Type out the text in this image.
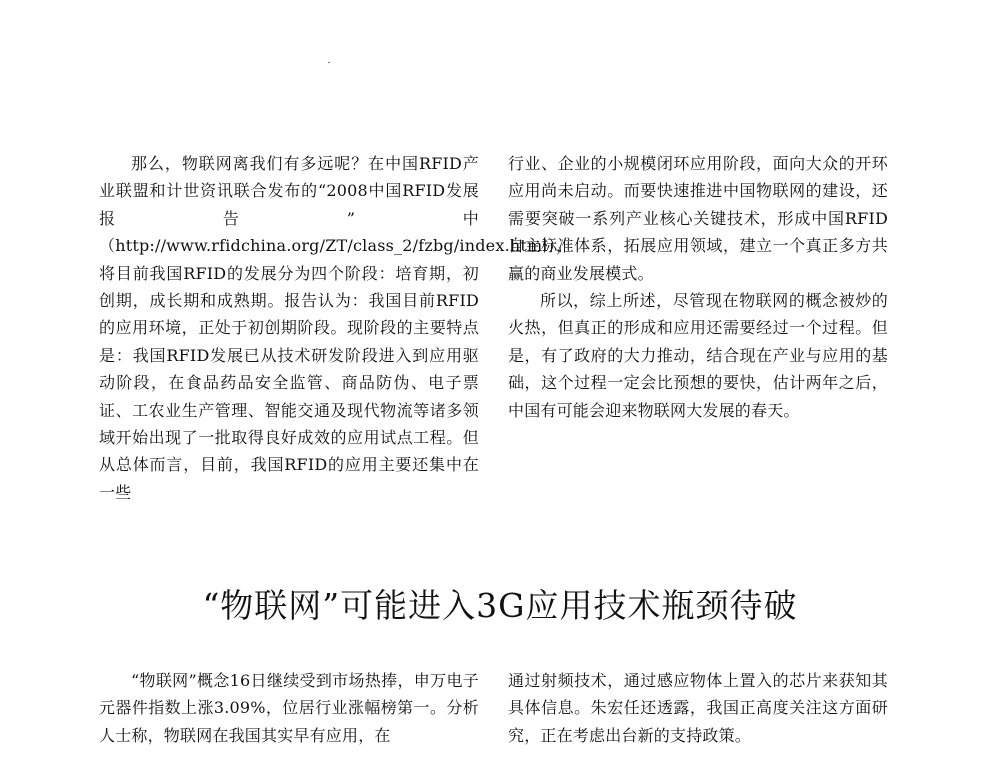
那么，物联网离我们有多远呢？在中国RFID产业联盟和计世资讯联合发布的“2008中国RFID发展报告”中（http://www.rfidchina.org/ZT/class_2/fzbg/index.html），将目前我国RFID的发展分为四个阶段：培育期，初创期，成长期和成熟期。报告认为：我国目前RFID的应用环境，正处于初创期阶段。现阶段的主要特点是：我国RFID发展已从技术研发阶段进入到应用驱动阶段，在食品药品安全监管、商品防伪、电子票证、工农业生产管理、智能交通及现代物流等诸多领域开始出现了一批取得良好成效的应用试点工程。但从总体而言，目前，我国RFID的应用主要还集中在一些

行业、企业的小规模闭环应用阶段，面向大众的开环应用尚未启动。而要快速推进中国物联网的建设，还需要突破一系列产业核心关键技术，形成中国RFID自主标准体系，拓展应用领域，建立一个真正多方共赢的商业发展模式。

所以，综上所述，尽管现在物联网的概念被炒的火热，但真正的形成和应用还需要经过一个过程。但是，有了政府的大力推动，结合现在产业与应用的基础，这个过程一定会比预想的要快，估计两年之后，中国有可能会迎来物联网大发展的春天。

“物联网”可能进入3G应用技术瓶颈待破

“物联网”概念16日继续受到市场热捧，申万电子元器件指数上涨3.09%，位居行业涨幅榜第一。分析人士称，物联网在我国其实早有应用，在

通过射频技术，通过感应物体上置入的芯片来获知其具体信息。朱宏任还透露，我国正高度关注这方面研究，正在考虑出台新的支持政策。
